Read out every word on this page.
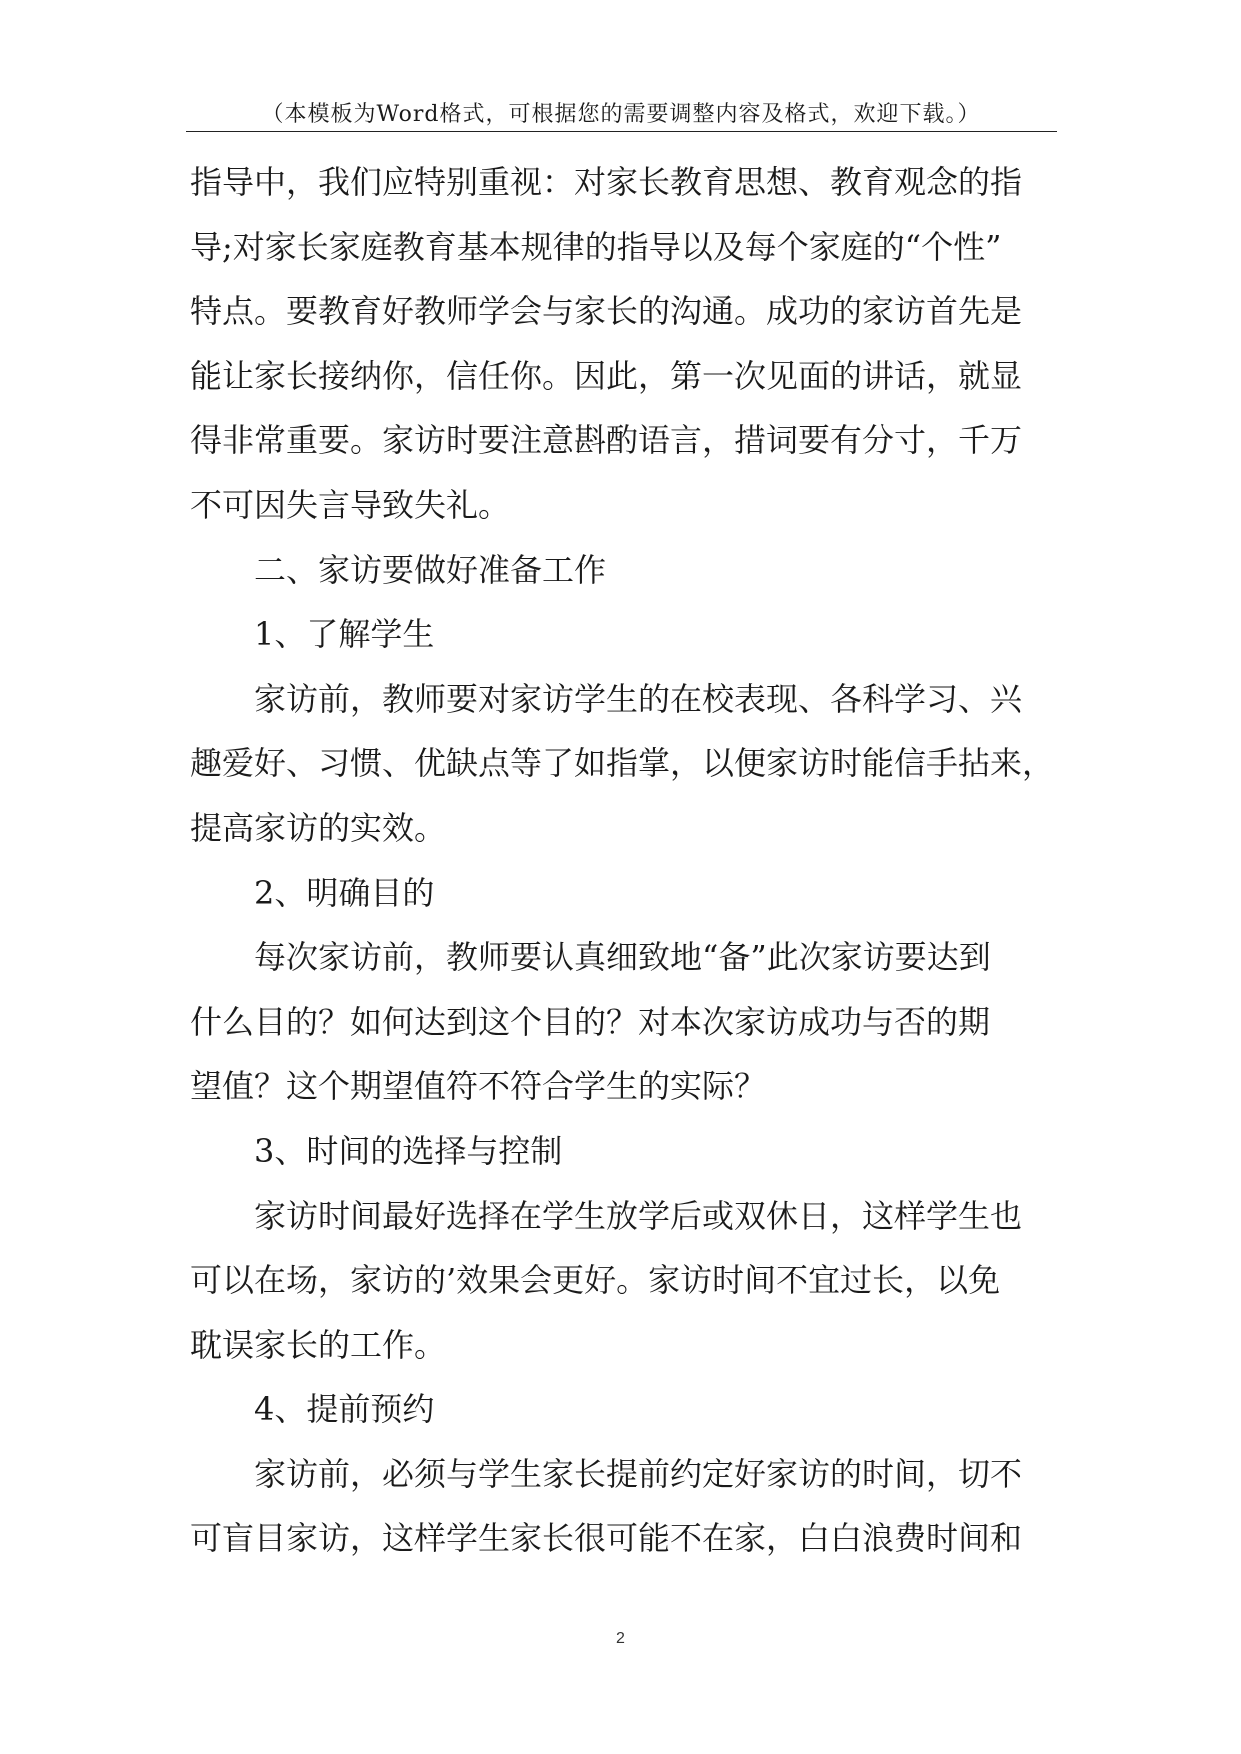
（本模板为Word格式，可根据您的需要调整内容及格式，欢迎下载。）
指导中，我们应特别重视：对家长教育思想、教育观念的指
导;对家长家庭教育基本规律的指导以及每个家庭的“个性”
特点。要教育好教师学会与家长的沟通。成功的家访首先是
能让家长接纳你，信任你。因此，第一次见面的讲话，就显
得非常重要。家访时要注意斟酌语言，措词要有分寸，千万
不可因失言导致失礼。
二、家访要做好准备工作
1、了解学生
家访前，教师要对家访学生的在校表现、各科学习、兴
趣爱好、习惯、优缺点等了如指掌，以便家访时能信手拈来，
提高家访的实效。
2、明确目的
每次家访前，教师要认真细致地“备”此次家访要达到
什么目的？如何达到这个目的？对本次家访成功与否的期
望值？这个期望值符不符合学生的实际？
3、时间的选择与控制
家访时间最好选择在学生放学后或双休日，这样学生也
可以在场，家访的’效果会更好。家访时间不宜过长，以免
耽误家长的工作。
4、提前预约
家访前，必须与学生家长提前约定好家访的时间，切不
可盲目家访，这样学生家长很可能不在家，白白浪费时间和
2
